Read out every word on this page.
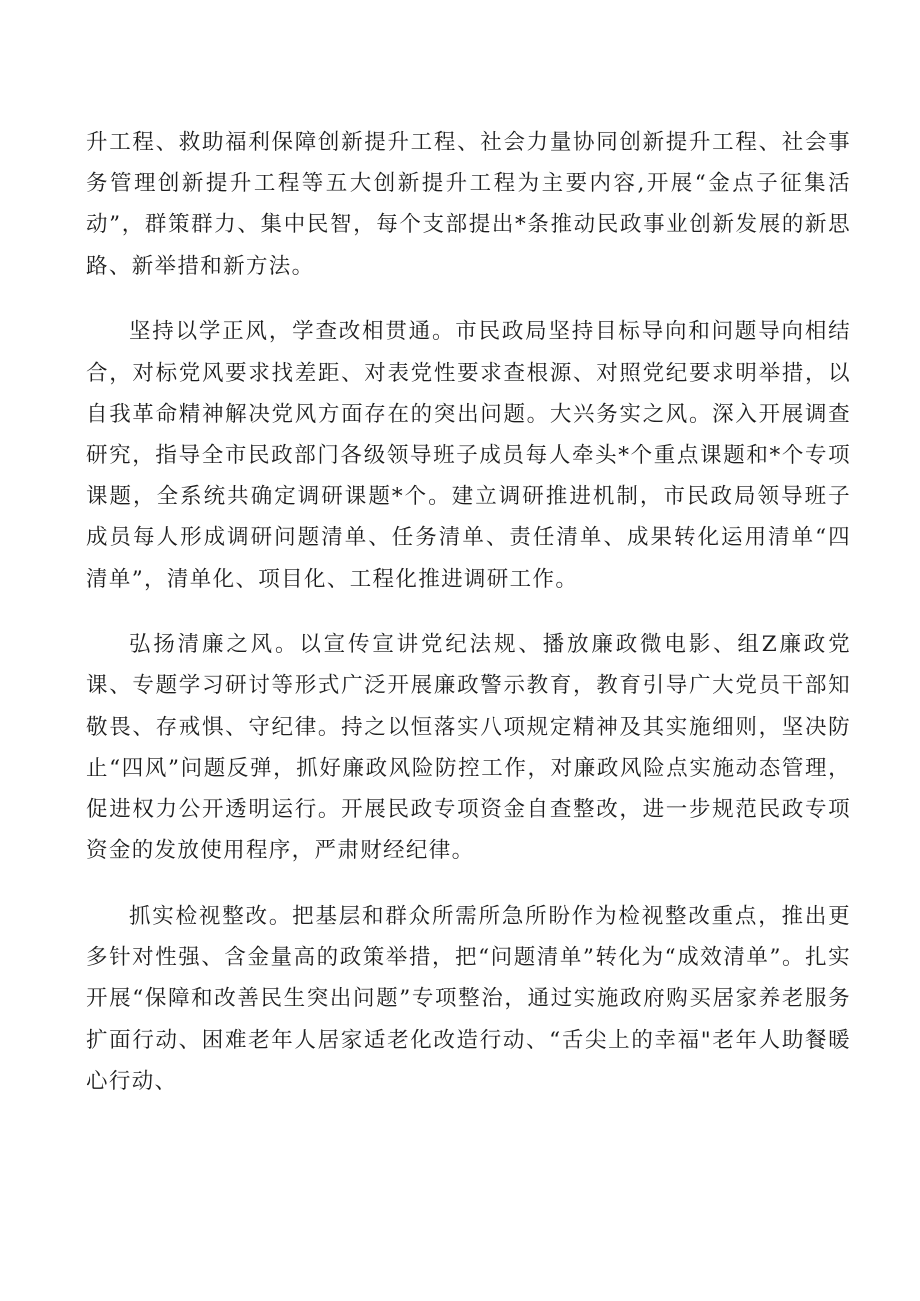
升工程、救助福利保障创新提升工程、社会力量协同创新提升工程、社会事务管理创新提升工程等五大创新提升工程为主要内容,开展“金点子征集活动”，群策群力、集中民智，每个支部提出*条推动民政事业创新发展的新思路、新举措和新方法。

坚持以学正风，学查改相贯通。市民政局坚持目标导向和问题导向相结合，对标党风要求找差距、对表党性要求查根源、对照党纪要求明举措，以自我革命精神解决党风方面存在的突出问题。大兴务实之风。深入开展调查研究，指导全市民政部门各级领导班子成员每人牵头*个重点课题和*个专项课题，全系统共确定调研课题*个。建立调研推进机制，市民政局领导班子成员每人形成调研问题清单、任务清单、责任清单、成果转化运用清单“四清单”，清单化、项目化、工程化推进调研工作。

弘扬清廉之风。以宣传宣讲党纪法规、播放廉政微电影、组Z廉政党课、专题学习研讨等形式广泛开展廉政警示教育，教育引导广大党员干部知敬畏、存戒惧、守纪律。持之以恒落实八项规定精神及其实施细则，坚决防止“四风”问题反弹，抓好廉政风险防控工作，对廉政风险点实施动态管理，促进权力公开透明运行。开展民政专项资金自查整改，进一步规范民政专项资金的发放使用程序，严肃财经纪律。

抓实检视整改。把基层和群众所需所急所盼作为检视整改重点，推出更多针对性强、含金量高的政策举措，把“问题清单”转化为“成效清单”。扎实开展“保障和改善民生突出问题”专项整治，通过实施政府购买居家养老服务扩面行动、困难老年人居家适老化改造行动、“舌尖上的幸福"老年人助餐暖心行动、
